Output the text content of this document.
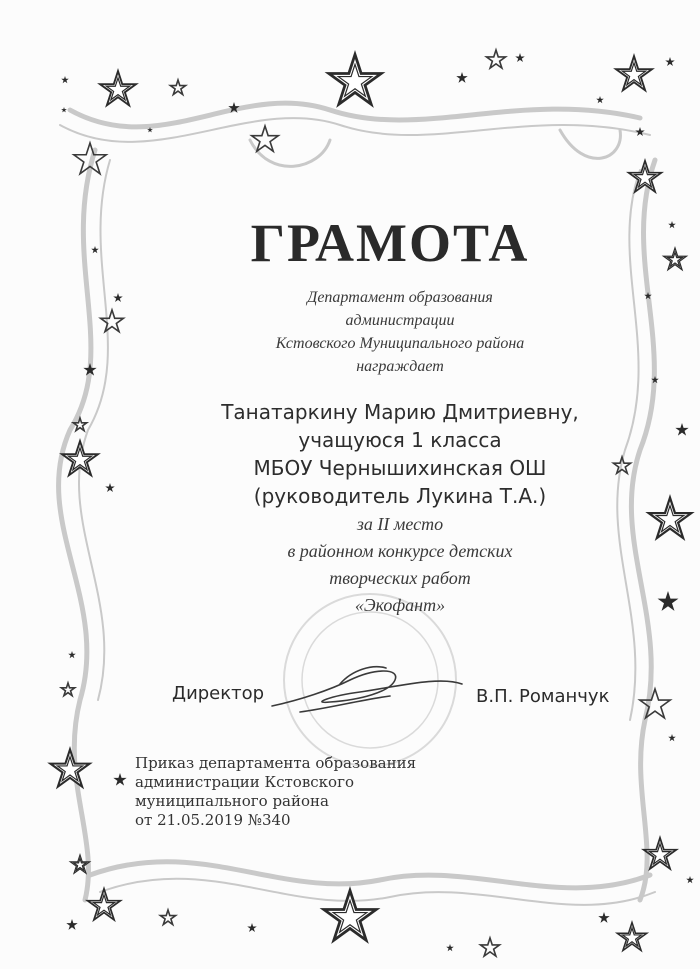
ГРАМОТА
Департамент образования
администрации
Кстовского Муниципального района
награждает
Танатаркину Марию Дмитриевну,
учащуюся 1 класса
МБОУ Чернышихинская ОШ
(руководитель Лукина Т.А.)
за II место
в районном конкурсе детских
творческих работ
«Экофант»
Директор	В.П. Романчук
Приказ департамента образования
администрации Кстовского
муниципального района
от 21.05.2019 №340
